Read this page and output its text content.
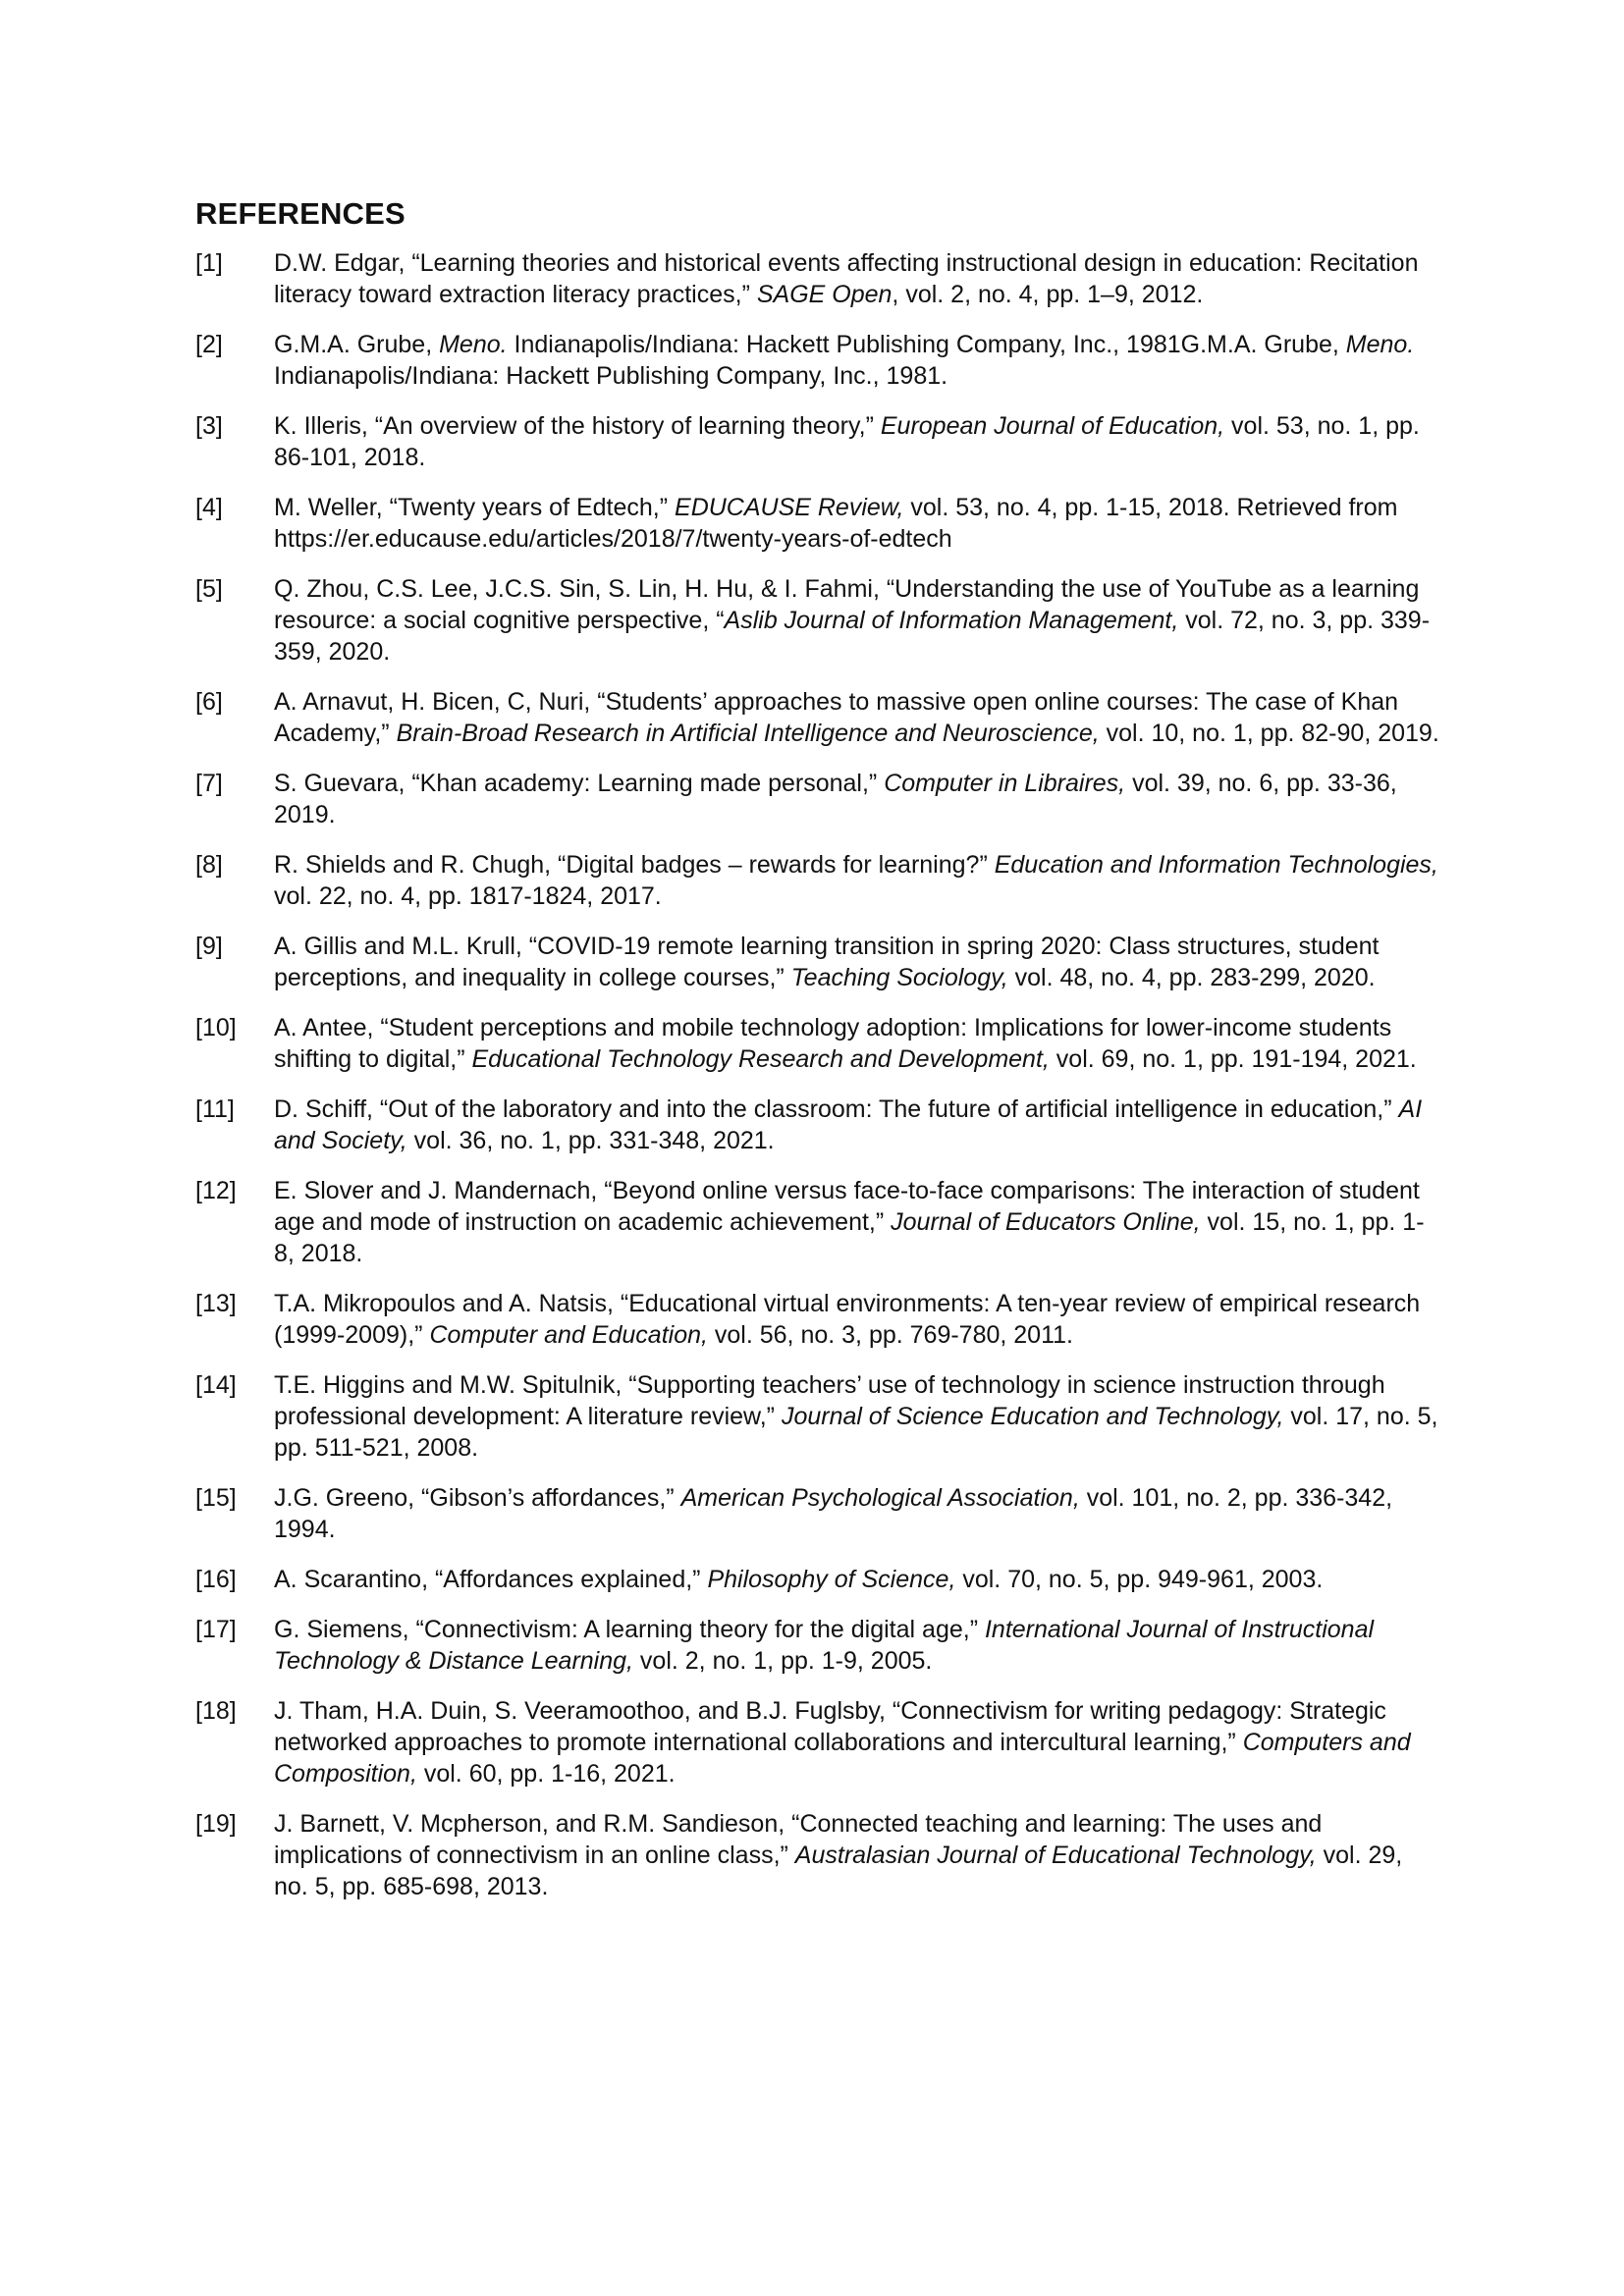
REFERENCES
[1]	D.W. Edgar, “Learning theories and historical events affecting instructional design in education: Recitation literacy toward extraction literacy practices,” SAGE Open, vol. 2, no. 4, pp. 1–9, 2012.
[2]	G.M.A. Grube, Meno. Indianapolis/Indiana: Hackett Publishing Company, Inc., 1981G.M.A. Grube, Meno. Indianapolis/Indiana: Hackett Publishing Company, Inc., 1981.
[3]	K. Illeris, “An overview of the history of learning theory,” European Journal of Education, vol. 53, no. 1, pp. 86-101, 2018.
[4]	M. Weller, “Twenty years of Edtech,” EDUCAUSE Review, vol. 53, no. 4, pp. 1-15, 2018. Retrieved from https://er.educause.edu/articles/2018/7/twenty-years-of-edtech
[5]	Q. Zhou, C.S. Lee, J.C.S. Sin, S. Lin, H. Hu, & I. Fahmi, “Understanding the use of YouTube as a learning resource: a social cognitive perspective, “Aslib Journal of Information Management, vol. 72, no. 3, pp. 339-359, 2020.
[6]	A. Arnavut, H. Bicen, C, Nuri, “Students’ approaches to massive open online courses: The case of Khan Academy,” Brain-Broad Research in Artificial Intelligence and Neuroscience, vol. 10, no. 1, pp. 82-90, 2019.
[7]	S. Guevara, “Khan academy: Learning made personal,” Computer in Libraires, vol. 39, no. 6, pp. 33-36, 2019.
[8]	R. Shields and R. Chugh, “Digital badges – rewards for learning?” Education and Information Technologies, vol. 22, no. 4, pp. 1817-1824, 2017.
[9]	A. Gillis and M.L. Krull, “COVID-19 remote learning transition in spring 2020: Class structures, student perceptions, and inequality in college courses,” Teaching Sociology, vol. 48, no. 4, pp. 283-299, 2020.
[10]	A. Antee, “Student perceptions and mobile technology adoption: Implications for lower-income students shifting to digital,” Educational Technology Research and Development, vol. 69, no. 1, pp. 191-194, 2021.
[11]	D. Schiff, “Out of the laboratory and into the classroom: The future of artificial intelligence in education,” AI and Society, vol. 36, no. 1, pp. 331-348, 2021.
[12]	E. Slover and J. Mandernach, “Beyond online versus face-to-face comparisons: The interaction of student age and mode of instruction on academic achievement,” Journal of Educators Online, vol. 15, no. 1, pp. 1-8, 2018.
[13]	T.A. Mikropoulos and A. Natsis, “Educational virtual environments: A ten-year review of empirical research (1999-2009),” Computer and Education, vol. 56, no. 3, pp. 769-780, 2011.
[14]	T.E. Higgins and M.W. Spitulnik, “Supporting teachers’ use of technology in science instruction through professional development: A literature review,” Journal of Science Education and Technology, vol. 17, no. 5, pp. 511-521, 2008.
[15]	J.G. Greeno, “Gibson’s affordances,” American Psychological Association, vol. 101, no. 2, pp. 336-342, 1994.
[16]	A. Scarantino, “Affordances explained,” Philosophy of Science, vol. 70, no. 5, pp. 949-961, 2003.
[17]	G. Siemens, “Connectivism: A learning theory for the digital age,” International Journal of Instructional Technology & Distance Learning, vol. 2, no. 1, pp. 1-9, 2005.
[18]	J. Tham, H.A. Duin, S. Veeramoothoo, and B.J. Fuglsby, “Connectivism for writing pedagogy: Strategic networked approaches to promote international collaborations and intercultural learning,” Computers and Composition, vol. 60, pp. 1-16, 2021.
[19]	J. Barnett, V. Mcpherson, and R.M. Sandieson, “Connected teaching and learning: The uses and implications of connectivism in an online class,” Australasian Journal of Educational Technology, vol. 29, no. 5, pp. 685-698, 2013.
